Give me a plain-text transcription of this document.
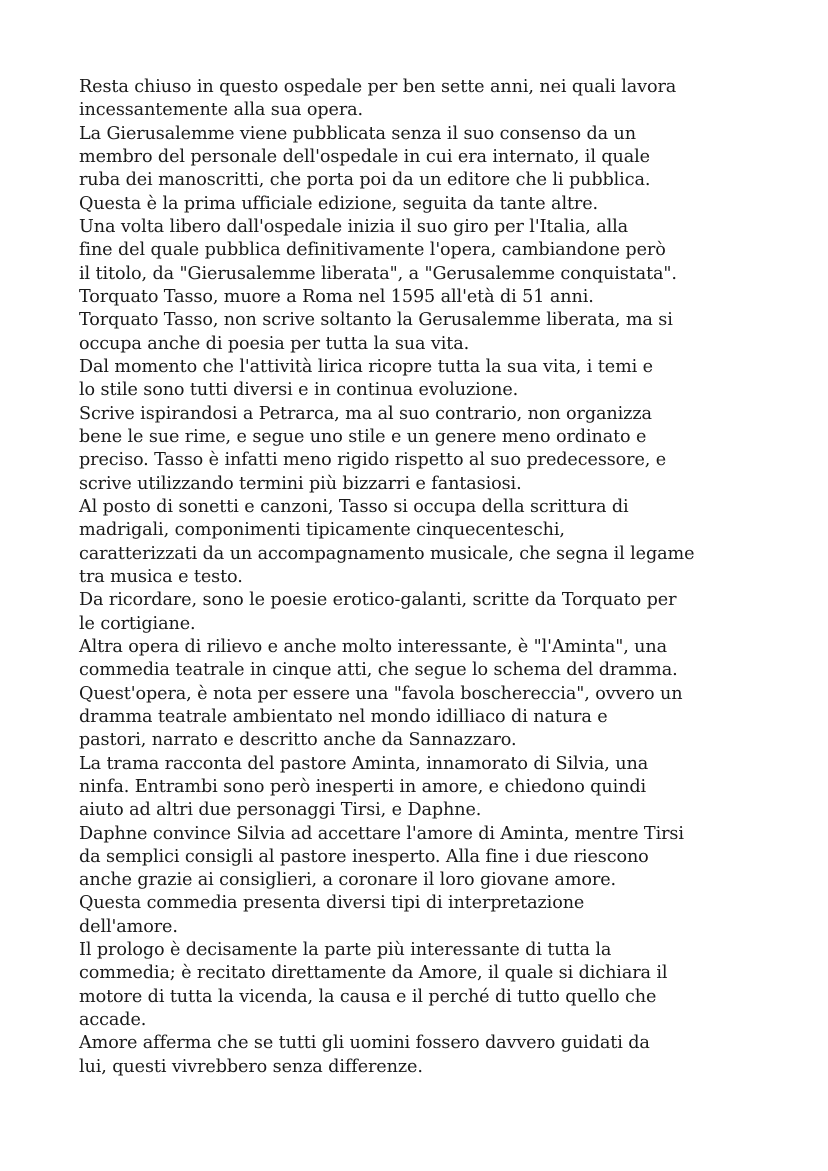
Resta chiuso in questo ospedale per ben sette anni, nei quali lavora
incessantemente alla sua opera.
La Gierusalemme viene pubblicata senza il suo consenso da un
membro del personale dell'ospedale in cui era internato, il quale
ruba dei manoscritti, che porta poi da un editore che li pubblica.
Questa è la prima ufficiale edizione, seguita da tante altre.
Una volta libero dall'ospedale inizia il suo giro per l'Italia, alla
fine del quale pubblica definitivamente l'opera, cambiandone però
il titolo, da "Gierusalemme liberata", a "Gerusalemme conquistata".
Torquato Tasso, muore a Roma nel 1595 all'età di 51 anni.
Torquato Tasso, non scrive soltanto la Gerusalemme liberata, ma si
occupa anche di poesia per tutta la sua vita.
Dal momento che l'attività lirica ricopre tutta la sua vita, i temi e
lo stile sono tutti diversi e in continua evoluzione.
Scrive ispirandosi a Petrarca, ma al suo contrario, non organizza
bene le sue rime, e segue uno stile e un genere meno ordinato e
preciso. Tasso è infatti meno rigido rispetto al suo predecessore, e
scrive utilizzando termini più bizzarri e fantasiosi.
Al posto di sonetti e canzoni, Tasso si occupa della scrittura di
madrigali, componimenti tipicamente cinquecenteschi,
caratterizzati da un accompagnamento musicale, che segna il legame
tra musica e testo.
Da ricordare, sono le poesie erotico-galanti, scritte da Torquato per
le cortigiane.
Altra opera di rilievo e anche molto interessante, è "l'Aminta", una
commedia teatrale in cinque atti, che segue lo schema del dramma.
Quest'opera, è nota per essere una "favola boschereccia", ovvero un
dramma teatrale ambientato nel mondo idilliaco di natura e
pastori, narrato e descritto anche da Sannazzaro.
La trama racconta del pastore Aminta, innamorato di Silvia, una
ninfa. Entrambi sono però inesperti in amore, e chiedono quindi
aiuto ad altri due personaggi Tirsi, e Daphne.
Daphne convince Silvia ad accettare l'amore di Aminta, mentre Tirsi
da semplici consigli al pastore inesperto. Alla fine i due riescono
anche grazie ai consiglieri, a coronare il loro giovane amore.
Questa commedia presenta diversi tipi di interpretazione
dell'amore.
Il prologo è decisamente la parte più interessante di tutta la
commedia; è recitato direttamente da Amore, il quale si dichiara il
motore di tutta la vicenda, la causa e il perché di tutto quello che
accade.
Amore afferma che se tutti gli uomini fossero davvero guidati da
lui, questi vivrebbero senza differenze.
